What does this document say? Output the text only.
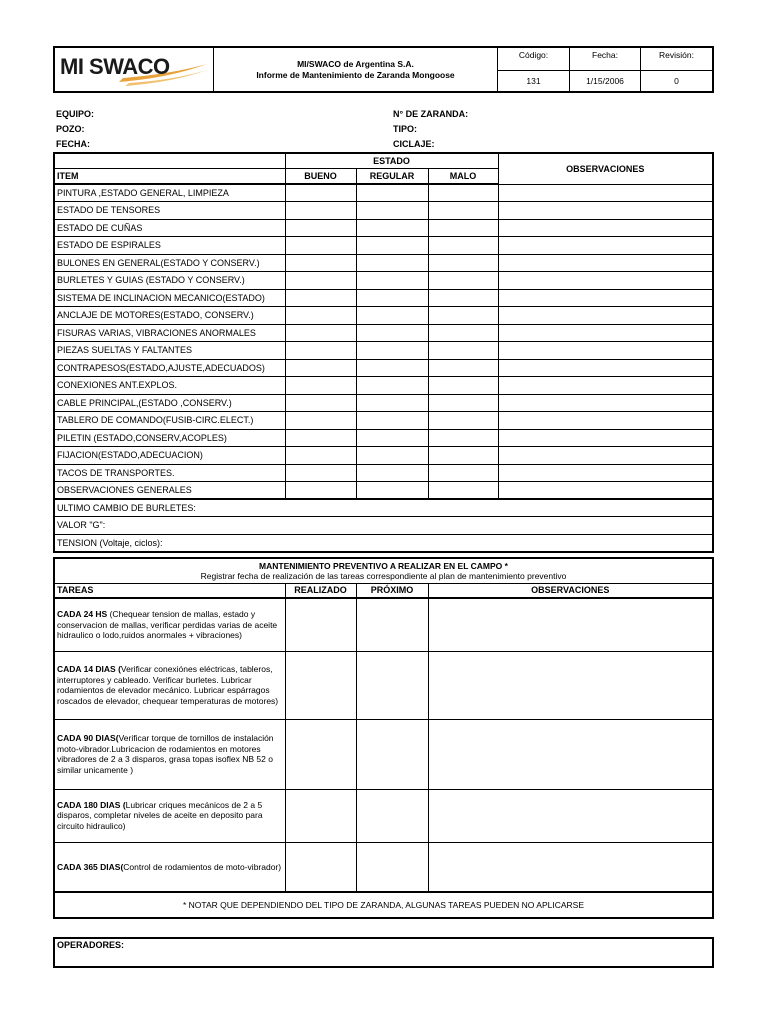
MI SWACO	MI/SWACO de Argentina S.A.
Informe de Mantenimiento de Zaranda Mongoose	Código:	Fecha:	Revisión:
		131	1/15/2006	0
EQUIPO:
POZO:
FECHA:
N° DE ZARANDA:
TIPO:
CICLAJE:
	ESTADO			OBSERVACIONES
ITEM	BUENO	REGULAR	MALO	
PINTURA ,ESTADO GENERAL, LIMPIEZA				
ESTADO DE TENSORES				
ESTADO DE CUÑAS				
ESTADO DE ESPIRALES				
BULONES EN GENERAL(ESTADO Y CONSERV.)				
BURLETES Y GUIAS (ESTADO Y CONSERV.)				
SISTEMA DE INCLINACION MECANICO(ESTADO)				
ANCLAJE DE MOTORES(ESTADO, CONSERV.)				
FISURAS VARIAS, VIBRACIONES ANORMALES				
PIEZAS SUELTAS Y FALTANTES				
CONTRAPESOS(ESTADO,AJUSTE,ADECUADOS)				
CONEXIONES ANT.EXPLOS.				
CABLE PRINCIPAL,(ESTADO ,CONSERV.)				
TABLERO DE COMANDO(FUSIB-CIRC.ELECT.)				
PILETIN (ESTADO,CONSERV,ACOPLES)				
FIJACION(ESTADO,ADECUACION)				
TACOS DE TRANSPORTES.				
OBSERVACIONES GENERALES				
ULTIMO CAMBIO DE BURLETES:				
VALOR "G":				
TENSION (Voltaje, ciclos):				
MANTENIMIENTO PREVENTIVO A REALIZAR EN EL CAMPO *
Registrar fecha de realización de las tareas correspondiente al plan de mantenimiento preventivo			

TAREAS	REALIZADO	PRÓXIMO	OBSERVACIONES
CADA 24 HS (Chequear tension de mallas, estado y conservacion de mallas, verificar perdidas varias de aceite hidraulico o lodo,ruidos anormales + vibraciones)			
CADA 14 DIAS (Verificar conexiónes eléctricas, tableros, interruptores y cableado. Verificar burletes. Lubricar rodamientos de elevador mecánico. Lubricar espárragos roscados de elevador, chequear temperaturas de motores)			
CADA 90 DIAS(Verificar torque de tornillos de instalación moto-vibrador.Lubricacion de rodamientos en motores vibradores de 2 a 3 disparos, grasa topas isoflex NB 52 o similar unicamente )			
CADA 180 DIAS (Lubricar criques mecánicos de 2 a 5 disparos, completar niveles de aceite en deposito para circuito hidraulico)			
CADA 365 DIAS(Control de rodamientos de moto-vibrador)			
* NOTAR QUE DEPENDIENDO DEL TIPO DE ZARANDA, ALGUNAS TAREAS PUEDEN NO APLICARSE			
OPERADORES:
